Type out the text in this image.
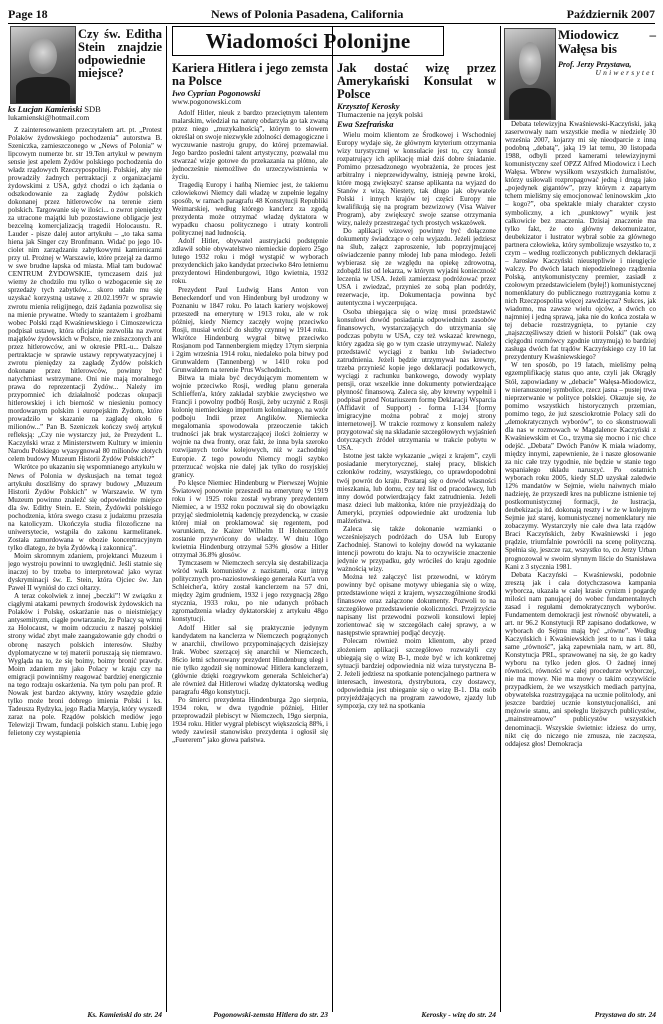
Page 18	News of Polonia Pasadena, California	Październik 2007
Wiadomości Polonijne
Czy św. Editha Stein znajdzie odpowiednie miejsce?
ks Lucjan Kamieński SDB
lukamienski@hotmail.com

Z zainteresowaniem przeczytałem art. pt. „Protest Polaków żydowskiego pochodzenia” autorstwa B. Szeniczka, zamieszczonego w „News of Polonia” w lipcowym numerze br. str 19.Ten artykuł w pewnym sensie jest apelem Żydów polskiego pochodzenia do władz rządowych Rzeczypospolitej. Polskiej, aby nie prowadziły żadnych pertraktacji z organizacjami żydowskimi z USA, gdyż chodzi o ich żądania o odszkodowanie za zagładę Żydów polskich dokonanej przez hitlerowców na terenie ziem polskich. Targowanie się w ilości... o zwrot pieniędzy za utracone majątki lub pozostawione obligacje jest bezcelną komercjalizacją tragedii Holocaustu. R. Lauder - pisze dalej autor artykułu – „to taka sama hiena jak Singer czy Bronfmann. Widać po jego 10-ciolet nim zarządzaniu zabytkowymi kamienicami przy ul. Prożnej w Warszawie, które przejął za darmo w swe brudne łapska od miasta. Miał tam budować CENTRUM ŻYDOWSKIE, tymczasem dziś już wiemy że chodziło mu tylko o wzbogacenie się ze sprzedaży tych zabytków... skoro udało mu się uzyskać korzystną ustawę z 20.02.1997r w sprawie zwrotu mienia religijnego, dziś żądania pozwolisz się na mienie prywatne. Wtedy to szantażem i groźbami wobec Polski rząd Kwaśniewskiego i Cimoszewicza podpisał ustawę, która oficjalnie zezwoliła na zwrot majątków żydowskich w Polsce, nie zniszczonych ani przez hitlerowców, ani w okresie PRL-u... Dalsze pertraktacje w sprawie ustawy reprywatyzacyjnej i zwrotu pieniędzy za zagładę Żydów polskich dokonane przez hitlerowców, powinny być natychmiast wstrzymane. Oni nie mają moralnego prawa do reprezentacji Żydów... Należy im przypomnieć ich działalność podczas okupacji hitlerowskiej i ich bierność w niesieniu pomocy mordowanym polskim i europejskim Żydom, które prowadziło w skazanie na zagładę około 6 milionów...” Pan B. Szeniczek kończy swój artykuł refleksją: „Czy nie wystarczy już, że Prezydent L. Kaczyński wraz z Ministerstwem Kultury w imieniu Narodu Polskiego wyasygnował 80 milionów złotych celem budowy Muzeum Historii Żydów Polskich?”

Wkrótce po ukazaniu się wspomnianego artykułu w News of Polonia w dyskusjach na temat tegoż artykułu doszliśmy do sprawy budowy „Muzeum Historii Żydów Polskich” w Warszawie. W tym Muzeum powinno znaleźć się odpowiednie miejsce dla św. Edithy Stein. E. Stein, Żydówki polskiego pochodzenia, która swego czasu z judaizmu przeszła na katolicyzm. Ukończyła studia filozoficzne na uniwersytecie, wstąpiła do zakonu karmelitanek. Została zamordowana w obozie koncentracyjnym tylko dlatego, że była Żydówką i zakonnicą”.

Moim skromnym zdaniem, projektanci Muzeum i jego wystroju powinni to uwzględnić. Jeśli statnie się inaczej to by trzeba to interpretować jako wyraz dyskryminacji św. E. Stein, która Ojciec św. Jan Paweł II wyniósł do czci ołtarzy.

A teraz cokolwiek z innej „beczki”! W związku z ciągłymi atakami pewnych środowisk żydowskich na Polaków i Polskę, oskarżanie nas o nieistniejący antysemityzm, ciągłe powtarzanie, że Polacy są winni za Holocaust, w moim odczuciu z naszej polskiej strony widać zbyt małe zaangażowanie gdy chodzi o obronę naszych polskich interesów. Służby dyplomatyczne w tej materii poruszają się niemrawo. Wygląda na to, że się boimy, boimy bronić prawdy. Moim zdaniem my jako Polacy w kraju czy na emigracji powinniśmy reagować bardziej energicznie na tego rodzaju oskarżenia. Na tym polu pan prof. R Nowak jest bardzo aktywny, który wszędzie gdzie tylko może broni dobrego imienia Polski i ks. Tadeusza Rydzyka, jego Radia Maryja, który wyszedł zaraz na pole. Rządów polskich mediów jego Telewizji Trwam, fundacji polskich stanu. Lubię jego felietony czy wystąpienia

Ks. Kamieński do str. 24
Kariera Hitlera i jego zemsta na Polsce
Iwo Cyprian Pogonowski
www.pogonowski.com

Adolf Hitler, nieuk z bardzo przeciętnym talentem malarskim, wiedział na naturę obdarzyła go tak zwaną przez niego „muzykalnością”, którym to słowem określał on swoje niezwykłe zdolności demagogiczne i wyczuwanie nastroju grupy, do której przemawiał. Jego bardzo posledni talent artystyczny, pozwalał mu stwarzać wizje gotowe do przekazania na plótno, ale jednocześnie niemożliwe do urzeczywistnienia w życiu.

Tragedią Europy i hańbą Niemiec jest, że takiemu człowiekowi Niemcy dali władzę w zupełnie legalny sposób, w ramach paragrafu 48 Konstytucji Republiki Weimarskiej, według którego kanclerz za zgodą prezydenta może otrzymać władzę dyktatora w wypadku chaosu politycznego i utraty kontroli politycznej nad ludnością.

Adolf Hitler, obywatel austryjacki podstępnie zdławił sobie obywatelstwo niemieckie dopiero 25go lutego 1932 roku i mógł wystąpić w wyborach prezydenckich jako kandydat przeciwko 84ro letniemu prezydentowi Hindenburgowi, 10go kwietnia, 1932 roku.

Prezydent Paul Ludwig Hans Anton von Beneckendorf und von Hindenburg był urodzony w Poznaniu w 1847 roku. Po latach kariery wojskowej przeszedł na emeryturę w 1913 roku, ale w rok później, kiedy Niemcy zaczęły wojnę przeciwko Rosji, musiał wrócić do służby czynnej w 1914 roku. Wkrótce Hindenburg wygrał bitwę przeciwko Rosjanom pod Tannenbergiem między 17tym sierpnia i 2gim września 1914 roku, niedaleko pola bitwy pod Grunwaldem (Tannenberg) w 1410 roku pod Grunwaldem na terenie Prus Wschodnich.

Bitwa ta miała być decydującym momentem w wojnie przeciwko Rosji, według planu generała Schlieffen'a, który zakładał szybkie zwycięstwo we Francji i powolny podbój Rosji, żeby uczynić z Rosji kolonię niemieckiego imperium kolonialnego, na wzór podboju Indii przez Anglików. Niemiecka megalomania spowodowała przeoczenie takich trudności jak brak wystarczającej ilości żołnierzy w wojnie na dwa fronty, oraz fakt, że inna była szeroko rozwijanych torów kolejowych, niż w zachodniej Europie. Z tego powodu Niemcy mogli szybko przerzucać wojska nie dalej jak tylko do rosyjskiej granicy.

Po klęsce Niemiec Hindenburg w Pierwszej Wojnie Światowej ponownie przeszedł na emeryturę w 1919 roku i w 1925 roku został wybrany prezydentem Niemiec, a w 1932 roku poczuwał się do obowiązku przyjąć siedmioletnią kadencję prezydencką, w czasie której miał on proklamować się regentem, pod warunkiem, że Kaizer Wilhelm II Hohenzollern zostanie przywrócony do władzy. W dniu 10go kwietnia Hindenburg otrzymał 53% głosów a Hitler otrzymał 36.8% głosów.

Tymczasem w Niemczech sercyła się destabilizacja wśród walk komunistów z nazistami, oraz intryg politycznych pro-naziostowskiego generała Kurt'a von Schleicher'a, który został kanclerzem na 57 dni, między 2gim grudniem, 1932 i jego rezygnacją 28go stycznia, 1933 roku, po nie udanych próbach zgromadzenia władzy dyktatorskiej z artykułu 48go konstytucji.

Adolf Hitler sał się praktycznie jedynym kandydatem na kanclerza w Niemczech pogrążonych w anarchii, chwilowo przypominających dzisiejszy Irak. Wobec szerzącej się anarchii w Niemczech, 86cio letni schorowany prezydent Hindenburg uległ i nie tylko zgodził się nominować Hitlera kanclerzem, (głównie dzięki rozgrywkom generała Schleicher'a) ale również dał Hitlerowi władzę dyktatorską według paragrafu 48go konstytucji.

Po śmierci prezydenta Hindenburga 2go sierpnia, 1934 roku, w dwa tygodnie później, Hitler przeprowadził plebiscyt w Niemczech, 19go sierpnia, 1934 roku. Hitler wygrał plebiscyt większością 88%, i wtedy zawiesił stanowisko prezydenta i ogłosił się „Fuererem” jako głowa państwa.

Pogonowski-zemsta Hitlera do str. 23
Jak dostać wizę przez Amerykański Konsulat w Polsce
Krzysztof Kerosky
Tłumaczenie na język polski
Ewa Szefrańska

Wielu moim klientom ze Środkowej i Wschodniej Europy wydaje się, że głównym kryterium otrzymania wizy turystycznej w konsulacie jest to, czy konsul rozpatrujący ich aplikację miał dziś dobre śniadanie. Pomimo przesadzonego wyobrażenia, że proces jest arbitralny i nieprzewidywalny, istnieją pewne kroki, które mogą zwiększyć szanse aplikanta na wyjazd do Stanów z wizą. Niestety, tak długo jak obywatele Polski i innych krajów tej części Europy nie kwalifikują się na program bezwizowy (Visa Waiver Program), aby zwiększyć swoje szanse otrzymania wizy, należy przestrzegać tych prostych wskazówek.

Do aplikacji wizowej powinny być dołączone dokumenty świadczące o celu wyjazdu. Jeżeli jedziesz na ślub, załącz zaproszenie, lub poprzyjmującej oświadczenie panny młodej lub pana młodego. Jeżeli wybierasz się ze względu na opiekę zdrowotną, zdobądź list od lekarza, w którym wyjaśni konieczność leczenia w USA. Jeżeli zamierzasz podróżować przez USA i zwiedzać, przynieś ze sobą plan podróży, rezerwacje, itp. Dokumentacja powinna być autentyczna i wyczerpująca.

Osoba ubiegająca się o wizę musi przedstawić konsulowi dowód posiadania odpowiednich zasobów finansowych, wystarczających do utrzymania się podczas pobytu w USA, czy też wskazać krewnego, który zgadza się go w tym czasie utrzymywać. Należy przedstawić wyciągi z banku lub świadectwo zatrudnienia. Jeżeli będzie utrzymywał nas krewny, trzeba przynieść kopie jego deklaracji podatkowych, wyciągi z rachunku bankowego, dowody wypłaty pensji, oraz wszelkie inne dokumenty potwierdzające płynność finansową. Zaleca się, aby krewny wypełnił i podpisał przed Notariuszem formę Deklaracji Wsparcia (Affidavit of Support) - forma I-134 [formy imigracyjne można pobrać z mojej strony internetowej]. W trakcie rozmowy z konsulem należy przygotować się na składanie szczegółowych wyjaśnień dotyczących źródeł utrzymania w trakcie pobytu w USA.

Istotne jest także wykazanie „więzi z krajem”, czyli posiadanie merytorycznej, stałej pracy, bliskich członków rodziny, wszystkiego, co uprawdopodobni twój powrót do kraju. Postaraj się o dowód własności mieszkania, lub domu, czy też list od pracodawcy, lub inny dowód potwierdzający fakt zatrudnienia. Jeżeli masz dzieci lub małżonka, które nie przyjeżdżają do Ameryki, przynieś odpowiednie akt urodzenia lub małżeństwa.

Zaleca się także dokonanie wzmianki o wcześniejszych podróżach do USA lub Europy Zachodniej. Stanowi to kolejny dowód na wykazanie intencji powrotu do kraju. Na to oczywiście znaczenie jedynie w przypadku, gdy wróciłeś do kraju zgodnie ważnością wizy.

Można też załączyć list przewodni, w którym powinny być opisane motywy ubiegania się o wizę, przedstawione więzi z krajem, wyszczególnione środki finansowe oraz załączone dokumenty. Pozwoli to na szczegółowe przedstawienie okoliczności. Przejrzyście napisany list przewodni pozwoli konsulowi lepiej zorientować się w szczegółach całej sprawy, a w następstwie sprawniej podjąć decyzję.

Polecam również moim klientom, aby przed złożeniem aplikacji szczegółowo rozważyli czy ubiegają się o wizę B-1, może być w ich konkretnej sytuacji bardziej odpowiednia niż wiza turystyczna B-2. Jeżeli jedziesz na spotkanie potencjalnego partnera w interesach, inwestora, dystrybutora, czy dostawcy, odpowiednia jest ubieganie się o wizę B-1. Dla osób przyjeżdżających na program zawodowe, zjazdy lub sympozja, czy też na spotkania

Kerosky - wizę do str. 24
Miodowicz – Wałęsa bis
Prof. Jerzy Przystawa,
Uniwersytet

Debata telewizyjna Kwaśniewski-Kaczyński, jaką zaserwowały nam wszystkie media w niedzielę 30 września 2007, kojarzy mi się nieodparcie z inną podobną „debatą”, jaką 19 lat temu, 30 listopada 1988, odbyli przed kamerami telewizyjnymi komunistyczny szef OPZZ Alfred Miodowicz i Lech Wałęsa. Wbrew wysiłkom wszystkich żurnalistów, którzy usiłowali rozpropagować jedną i drugą jako „pojedynek gigantów”, przy którym z zapartym tchem mieliśmy się emocjonować leninowskim „kto – kogo?”, oba spektakle miały charakter czysto symboliczny, a ich „punktowy” wynik jest całkowicie bez znaczenia. Dzisiaj znaczenie ma tylko fakt, że oto główny dekomunizator, deubekizator i lustrator wybrał sobie za głównego partnera człowieka, który symbolizuje wszystko to, z czym – według rozliczonych publicznych deklaracji – Jarosław Kaczyński nieustępliwie i nieugięcie walczy. Po dwóch latach niepodzielnego rządzenia Polską, antykomunistyczny premier, zasiadł z czołowym przedstawicielem (byłej!) komunistycznej nomenklatury do publicznego roztrzygania komu z nich Rzeczpospolita więcej zawdzięcza? Sukces, jak wiadomo, ma zawsze wielu ojców, a dwóch co najmniej i jedną sprawą, jaka nie do końca została w tej debacie rozstrzygnięta, to pytanie czy „najszczęśliwszy dzień w historii Polski” (tak ową ciężgodni rozmówcy zgodnie utrzymują) to bardziej zasługa dwóch fat trądów Kaczyńskiego czy 10 lat prezydentury Kwaśniewskiego?

W ten sposób, po 19 latach, mieliśmy pełną egzemplifikację status quo ante, czyli jak Okrągły Stół, zapowiadany w „debacie” Wałęsa-Miodowicz, w nieranuszonej symbolice, rzecz jasna – pustej trwa nieprzerwanie w polityce polskiej. Okazuje się, że pomimo wszystkich historycznych przemian, pomimo tego, że już szesciokrotnie Polacy szli do „demokratycznych wyborów”, to co skonstruowali dla nas w rozmowach w Magdalence Kaczyński z Kwaśniewskim et Co., trzyma się mocno i nic chce odejść. „Debata” Dwóch Panów K miała wiadomy, między innymi, zapewnienie, że i nasze głosowanie za nic całe trzy tygodnie, nie będzie w stanie tego wspaniałego układu naruszyć. Po ostatnich wyborach roku 2005, kiedy SLD uzyskał zaledwie 12% mandatów w Sejmie, wielu naiwnych miało nadzieję, że przyszedł kres na publiczne istnienie tej postkomunistycznej formacji, że lustracja, deubekizacja itd. dokonają reszty i w że w kolejnym Sejmie już starej, komunistycznej nomenklatury nie zobaczymy. Wystarczyły nie całe dwa lata rządów Braci Kaczyńskich, żeby Kwaśniewski i jego prądzie, triumfalnie powrócili na scenę polityczną. Spełnia się, jeszcze raz, wszystko to, co Jerzy Urban prognozował w swoim słynnym liście do Stanisława Kani z 3 stycznia 1981.

Debata Kaczyński – Kwaśniewski, podobnie zresztą jak i cała dotychczasowa kampania wyborcza, ukazała w całej krasie cynizm i pogardę milości nam panującej do wobec fundamentalnych zasad i regułami demokratycznych wyborów. Fundamentem demokracji jest równość obywateli, a art. nr 96.2 Konstytucji RP zapisano dodatkowe, w wyborach do Sejmu mają być „równe”. Według Kaczyńskich i Kwaśniewskich jest to u nas i taka same „równość”, jaką zapewniała nam, w art. 80, Konstytucja PRL, sprawowanej na się, że go kadry wyboru na tylko jeden głos. O żadnej innej równości, równości w całej procedurze wyborczej, nie ma mowy. Nie ma mowy o takim oczywiście przypadkiem, że we wszystkich mediach partyjna, obywatelska rozstrzygająca na ucznie politolody, ani jeszcze bardziej ucznie konstytucjonaliści, ani mężowie stanu, ani spełeglu lżejszych publicystów, „mainstreamowe” publicystów wszystkich denominacji. Wszyskie świetnie: idziesz do urny, nikt cię do niczego nie zmusza, nie zaczęsza, oddajesz głos! Demokracja

Przystawa do str. 24
